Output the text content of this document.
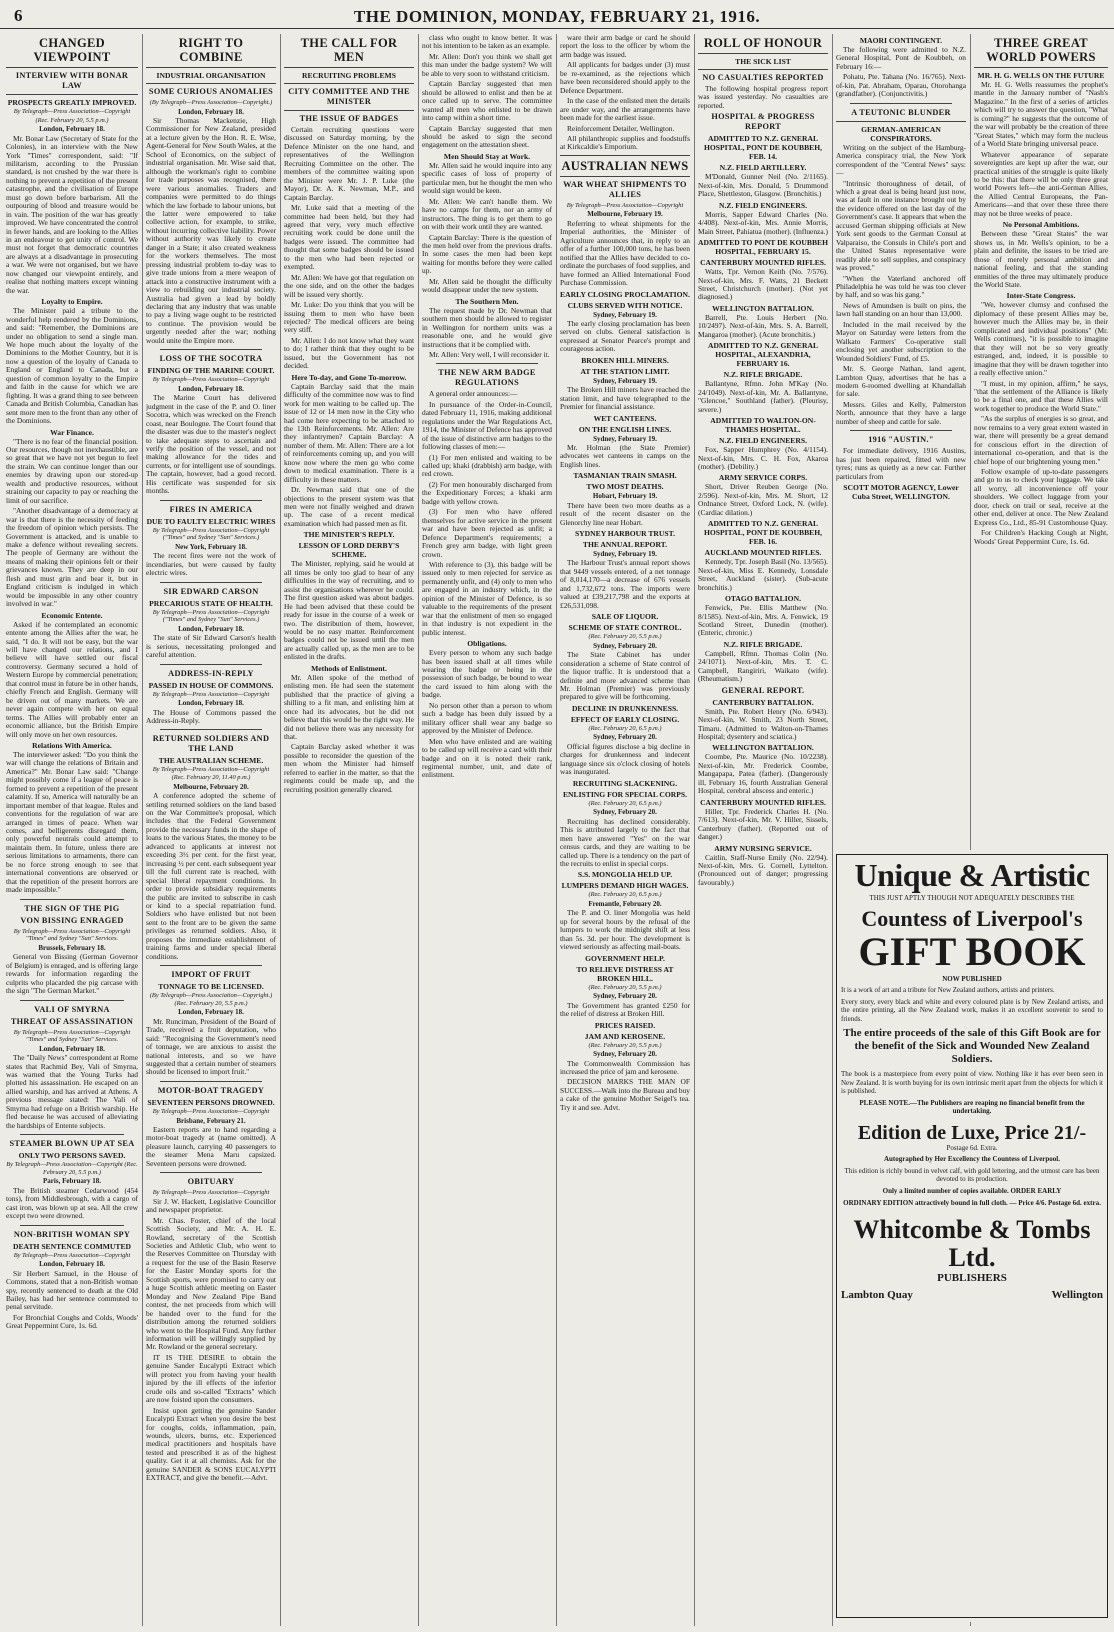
6	THE DOMINION, MONDAY, FEBRUARY 21, 1916.
CHANGED VIEWPOINT
INTERVIEW WITH BONAR LAW
PROSPECTS GREATLY IMPROVED.
By Telegraph—Press Association—Copyright
(Rec. February 20, 5.5 p.m.)
London, February 18.

Mr. Bonar Law (Secretary of State for the Colonies), in an interview with the New York "Times" correspondent, said: "If militarism, according to the Prussian standard, is not crushed by the war there is nothing to prevent a repetition of the present catastrophe, and the civilisation of Europe must go down before barbarism. All the outpouring of blood and treasure would be in vain. The position of the war has greatly improved. We have concentrated the control in fewer hands, and are looking to the Allies in an endeavour to get unity of control. We must not forget that democratic countries are always at a disadvantage in prosecuting a war. We were not organised, but we have now changed our viewpoint entirely, and realise that nothing matters except winning the war.

Loyalty to Empire.

The Minister paid a tribute to the wonderful help rendered by the Dominions, and said: "Remember, the Dominions are under no obligation to send a single man. We hope much about the loyalty of the Dominions to the Mother Country, but it is now a question of the loyalty of Canada to England or England to Canada, but a question of common loyalty to the Empire and faith in the cause for which we are fighting. It was a grand thing to see between Canada and British Columbia, Canadian has sent more men to the front than any other of the Dominions.

War Finance.

"There is no fear of the financial position. Our resources, though not inexhaustible, are so great that we have not yet begun to feel the strain. We can continue longer than our enemies by drawing upon our stored-up wealth and productive resources, without straining our capacity to pay or reaching the limit of our sacrifice.

"Another disadvantage of a democracy at war is that there is the necessity of feeding the freedom of opinion which persists. The Government is attacked, and is unable to make a defence without revealing secrets. The people of Germany are without the means of making their opinions felt or their grievances known. They are deep in our flesh and must grin and bear it, but in England criticism is indulged in which would be impossible in any other country involved in war."

Economic Entente.

Asked if he contemplated an economic entente among the Allies after the war, he said, "I do. It will not be easy, but the war will have changed our relations, and I believe will have settled our fiscal controversy. Germany secured a hold of Western Europe by commercial penetration; that control must in future be in other hands, chiefly French and English. Germany will be driven out of many markets. We are never again compete with her on equal terms. The Allies will probably enter an economic alliance, but the British Empire will only move on her own resources.

Relations With America.

The interviewer asked: "Do you think the war will change the relations of Britain and America?" Mr. Bonar Law said: "Change might possibly come if a league of peace is formed to prevent a repetition of the present calamity. If so, America will naturally be an important member of that league. Rules and conventions for the regulation of war are arranged in times of peace. When war comes, and belligerents disregard them, only powerful neutrals could attempt to maintain them. In future, unless there are serious limitations to armaments, there can be no force strong enough to see that international conventions are observed or that the repetition of the present horrors are made impossible."

THE SIGN OF THE PIG
VON BISSING ENRAGED
By Telegraph—Press Association—Copyright "Times" and Sydney "Sun" Services.
Brussels, February 18.

General von Bissing (German Governor of Belgium) is enraged, and is offering large rewards for information regarding the culprits who placarded the pig carcase with the sign "The German Market."

VALI OF SMYRNA
THREAT OF ASSASSINATION
By Telegraph—Press Association—Copyright "Times" and Sydney "Sun" Services.
London, February 18.

The "Daily News" correspondent at Rome states that Rachmid Bey, Vali of Smyrna, was warned that the Young Turks had plotted his assassination. He escaped on an allied warship, and has arrived at Athens. A previous message stated: The Vali of Smyrna had refuge on a British warship. He fled because he was accused of alleviating the hardships of Entente subjects.

STEAMER BLOWN UP AT SEA
ONLY TWO PERSONS SAVED.
By Telegraph—Press Association—Copyright (Rec. February 20, 5.5 p.m.)
Paris, February 18.

The British steamer Cedarwood (454 tons), from Middlesbrough, with a cargo of cast iron, was blown up at sea. All the crew except two were drowned.

NON-BRITISH WOMAN SPY
DEATH SENTENCE COMMUTED
By Telegraph—Press Association—Copyright
London, February 18.

Sir Herbert Samuel, in the House of Commons, stated that a non-British woman spy, recently sentenced to death at the Old Bailey, has had her sentence commuted to penal servitude.

For Bronchial Coughs and Colds, Woods' Great Peppermint Cure, 1s. 6d.

RIGHT TO COMBINE
INDUSTRIAL ORGANISATION
SOME CURIOUS ANOMALIES
(By Telegraph—Press Association—Copyright.)
London, February 18.

Sir Thomas Mackenzie, High Commissioner for New Zealand, presided at a lecture given by the Hon. R. E. Wise, Agent-General for New South Wales, at the School of Economics, on the subject of industrial organisation. Mr. Wise said that, although the workman's right to combine for trade purposes was recognised, there were various anomalies. Traders and companies were permitted to do things which the law forbade to labour unions, but the latter were empowered to take collective action, for example, to strike, without incurring collective liability. Power without authority was likely to create danger in a State; it also created weakness for the workers themselves. The most pressing industrial problem to-day was to give trade unions from a mere weapon of attack into a constructive instrument with a view to rebuilding our industrial society. Australia had given a lead by boldly declaring that any industry that was unable to pay a living wage ought to be restricted to continue. The provision would be urgently needed after the war; nothing would unite the Empire more.

LOSS OF THE SOCOTRA
FINDING OF THE MARINE COURT.
By Telegraph—Press Association—Copyright
London, February 18.

The Marine Court has delivered judgment in the case of the P. and O. liner Socotra, which was wrecked on the French coast, near Boulogne. The Court found that the disaster was due to the master's neglect to take adequate steps to ascertain and verify the position of the vessel, and not making allowance for the tides and currents, or for intelligent use of soundings. The captain, however, had a good record. His certificate was suspended for six months.

FIRES IN AMERICA
DUE TO FAULTY ELECTRIC WIRES
By Telegraph—Press Association—Copyright ("Times" and Sydney "Sun" Services.)
New York, February 18.

The recent fires were not the work of incendiaries, but were caused by faulty electric wires.

SIR EDWARD CARSON
PRECARIOUS STATE OF HEALTH.
By Telegraph—Press Association—Copyright ("Times" and Sydney "Sun" Services.)
London, February 18.

The state of Sir Edward Carson's health is serious, necessitating prolonged and careful attention.

ADDRESS-IN-REPLY
PASSED IN HOUSE OF COMMONS.
By Telegraph—Press Association—Copyright
London, February 18.

The House of Commons passed the Address-in-Reply.

RETURNED SOLDIERS AND THE LAND
THE AUSTRALIAN SCHEME.
By Telegraph—Press Association—Copyright (Rec. February 20, 11.40 p.m.)
Melbourne, February 20.

A conference adopted the scheme of settling returned soldiers on the land based on the War Committee's proposal, which includes that the Federal Government provide the necessary funds in the shape of loans to the various States, the money to be advanced to applicants at interest not exceeding 3½ per cent. for the first year, increasing ½ per cent. each subsequent year till the full current rate is reached, with special liberal repayment conditions. In order to provide subsidiary requirements the public are invited to subscribe in cash or kind to a special repatriation fund. Soldiers who have enlisted but not been sent to the front are to be given the same privileges as returned soldiers. Also, it proposes the immediate establishment of training farms and under special liberal conditions.

IMPORT OF FRUIT
TONNAGE TO BE LICENSED.
(By Telegraph—Press Association—Copyright.) (Rec. February 20, 5.5 p.m.)
London, February 18.

Mr. Runciman, President of the Board of Trade, received a fruit deputation, who said: "Recognising the Government's need of tonnage, we are anxious to assist the national interests, and so we have suggested that a certain number of steamers should be licensed to import fruit."

MOTOR-BOAT TRAGEDY
SEVENTEEN PERSONS DROWNED.
By Telegraph—Press Association—Copyright
Brisbane, February 21.

Eastern reports are to hand regarding a motor-boat tragedy at (name omitted). A pleasure launch, carrying 40 passengers to the steamer Mena Maru capsized. Seventeen persons were drowned.

OBITUARY
By Telegraph—Press Association—Copyright

Sir J. W. Hackett, Legislative Councillor and newspaper proprietor.

Mr. Chas. Foster, chief of the local Scottish Society, and Mr. A. H. E. Rowland, secretary of the Scottish Societies and Athletic Club, who went to the Reserves Committee on Thursday with a request for the use of the Basin Reserve for the Easter Monday sports for the Scottish sports, were promised to carry out a huge Scottish athletic meeting on Easter Monday and New Zealand Pipe Band contest, the net proceeds from which will be handed over to the fund for the distribution among the returned soldiers who went to the Hospital Fund. Any further information will be willingly supplied by Mr. Rowland or the general secretary.

IT IS THE DESIRE to obtain the genuine Sander Eucalypti Extract which will protect you from having your health injured by the ill effects of the inferior crude oils and so-called "Extracts" which are now foisted upon the consumers.

Insist upon getting the genuine Sander Eucalypti Extract when you desire the best for coughs, colds, inflammation, pain, wounds, ulcers, burns, etc. Experienced medical practitioners and hospitals have tested and prescribed it as of the highest quality. Get it at all chemists. Ask for the genuine SANDER & SONS EUCALYPTI EXTRACT, and give the benefit.—Advt.

THE CALL FOR MEN
RECRUITING PROBLEMS
CITY COMMITTEE AND THE MINISTER
THE ISSUE OF BADGES

Certain recruiting questions were discussed on Saturday morning, by the Defence Minister on the one hand, and representatives of the Wellington Recruiting Committee on the other. The members of the committee waiting upon the Minister were Mr. J. P. Luke (the Mayor), Dr. A. K. Newman, M.P., and Captain Barclay.

Mr. Luke said that a meeting of the committee had been held, but they had agreed that very, very much effective recruiting work could be done until the badges were issued. The committee had thought that some badges should be issued to the men who had been rejected or exempted.

Mr. Allen: We have got that regulation on the one side, and on the other the badges will be issued very shortly.

Mr. Luke: Do you think that you will be issuing them to men who have been rejected? The medical officers are being very stiff.

Mr. Allen: I do not know what they want to do; I rather think that they ought to be issued, but the Government has not decided.

Here To-day, and Gone To-morrow.

Captain Barclay said that the main difficulty of the committee now was to find work for men waiting to be called up. The issue of 12 or 14 men now in the City who had come here expecting to be attached to the 13th Reinforcements. Mr. Allen: Are they infantrymen? Captain Barclay: A number of them. Mr. Allen: There are a lot of reinforcements coming up, and you will know now where the men go who come down to medical examination. There is a difficulty in these matters.

Dr. Newman said that one of the objections to the present system was that men were not finally weighed and drawn up. The case of a recent medical examination which had passed men as fit.

THE MINISTER'S REPLY.
LESSON OF LORD DERBY'S SCHEME.

The Minister, replying, said he would at all times be only too glad to hear of any difficulties in the way of recruiting, and to assist the organisations wherever he could. The first question asked was about badges. He had been advised that these could be ready for issue in the course of a week or two. The distribution of them, however, would be no easy matter. Reinforcement badges could not be issued until the men are actually called up, as the men are to be enlisted in the drafts.

Methods of Enlistment.

Mr. Allen spoke of the method of enlisting men. He had seen the statement published that the practice of giving a shilling to a fit man, and enlisting him at once had its advocates, but he did not believe that this would be the right way. He did not believe there was any necessity for that.

Captain Barclay asked whether it was possible to reconsider the question of the men whom the Minister had himself referred to earlier in the matter, so that the regiments could be made up, and the recruiting position generally cleared.

class who ought to know better. It was not his intention to be taken as an example.

Mr. Allen: Don't you think we shall get this man under the badge system? We will be able to very soon to withstand criticism.

Captain Barclay suggested that men should be allowed to enlist and then be at once called up to serve. The committee wanted all men who enlisted to be drawn into camp within a short time.

Captain Barclay suggested that men should be asked to sign the second engagement on the attestation sheet.

Men Should Stay at Work.

Mr. Allen said he would inquire into any specific cases of loss of property of particular men, but he thought the men who would sign would be keen.

Mr. Allen: We can't handle them. We have no camps for them, nor an army of instructors. The thing is to get them to go on with their work until they are wanted.

Captain Barclay: There is the question of the men held over from the previous drafts. In some cases the men had been kept waiting for months before they were called up.

Mr. Allen said he thought the difficulty would disappear under the new system.

The Southern Men.

The request made by Dr. Newman that southern men should be allowed to register in Wellington for northern units was a reasonable one, and he would give instructions that it be complied with.

Mr. Allen: Very well, I will reconsider it.

THE NEW ARM BADGE REGULATIONS

A general order announces:—

In pursuance of the Order-in-Council, dated February 11, 1916, making additional regulations under the War Regulations Act, 1914, the Minister of Defence has approved of the issue of distinctive arm badges to the following classes of men:—

(1) For men enlisted and waiting to be called up; khaki (drabbish) arm badge, with red crown.

(2) For men honourably discharged from the Expeditionary Forces; a khaki arm badge with yellow crown.

(3) For men who have offered themselves for active service in the present war and have been rejected as unfit; a Defence Department's requirements; a French grey arm badge, with light green crown.

With reference to (3), this badge will be issued only to men rejected for service as permanently unfit, and (4) only to men who are engaged in an industry which, in the opinion of the Minister of Defence, is so valuable to the requirements of the present war that the enlistment of men so engaged in that industry is not expedient in the public interest.

Obligations.

Every person to whom any such badge has been issued shall at all times while wearing the badge or being in the possession of such badge, be bound to wear the card issued to him along with the badge.

No person other than a person to whom such a badge has been duly issued by a military officer shall wear any badge so approved by the Minister of Defence.

Men who have enlisted and are waiting to be called up will receive a card with their badge and on it is noted their rank, regimental number, unit, and date of enlistment.

ware their arm badge or card he should report the loss to the officer by whom the arm badge was issued.

All applicants for badges under (3) must be re-examined, as the rejections which have been reconsidered should apply to the Defence Department.

In the case of the enlisted men the details are under way, and the arrangements have been made for the earliest issue.

Reinforcement Detailer, Wellington.

All philanthropic supplies and foodstuffs at Kirkcaldie's Emporium.

AUSTRALIAN NEWS
WAR WHEAT SHIPMENTS TO ALLIES
By Telegraph—Press Association—Copyright
Melbourne, February 19.

Referring to wheat shipments for the Imperial authorities, the Minister of Agriculture announces that, in reply to an offer of a further 100,000 tons, he has been notified that the Allies have decided to co-ordinate the purchases of food supplies, and have formed an Allied International Food Purchase Commission.

EARLY CLOSING PROCLAMATION.
CLUBS SERVED WITH NOTICE.
Sydney, February 19.

The early closing proclamation has been served on clubs. General satisfaction is expressed at Senator Pearce's prompt and courageous action.

BROKEN HILL MINERS.
AT THE STATION LIMIT.
Sydney, February 19.

The Broken Hill miners have reached the station limit, and have telegraphed to the Premier for financial assistance.

WET CANTEENS.
ON THE ENGLISH LINES.
Sydney, February 19.

Mr. Holman (the State Premier) advocates wet canteens in camps on the English lines.

TASMANIAN TRAIN SMASH.
TWO MOST DEATHS.
Hobart, February 19.

There have been two more deaths as a result of the recent disaster on the Glenorchy line near Hobart.

SYDNEY HARBOUR TRUST.
THE ANNUAL REPORT.
Sydney, February 19.

The Harbour Trust's annual report shows that 9449 vessels entered, of a net tonnage of 8,014,170—a decrease of 676 vessels and 1,732,672 tons. The imports were valued at £39,217,798 and the exports at £26,531,098.

SALE OF LIQUOR.
SCHEME OF STATE CONTROL.
(Rec. February 20, 5.5 p.m.)
Sydney, February 20.

The State Cabinet has under consideration a scheme of State control of the liquor traffic. It is understood that a definite and more advanced scheme than Mr. Holman (Premier) was previously prepared to give will be forthcoming.

DECLINE IN DRUNKENNESS.
EFFECT OF EARLY CLOSING.
(Rec. February 20, 6.5 p.m.)
Sydney, February 20.

Official figures disclose a big decline in charges for drunkenness and indecent language since six o'clock closing of hotels was inaugurated.

RECRUITING SLACKENING.
ENLISTING FOR SPECIAL CORPS.
(Rec. February 20, 6.5 p.m.)
Sydney, February 20.

Recruiting has declined considerably. This is attributed largely to the fact that men have answered "Yes" on the war census cards, and they are waiting to be called up. There is a tendency on the part of the recruits to enlist in special corps.

S.S. MONGOLIA HELD UP.
LUMPERS DEMAND HIGH WAGES.
(Rec. February 20, 6.5 p.m.)
Fremantle, February 20.

The P. and O. liner Mongolia was held up for several hours by the refusal of the lumpers to work the midnight shift at less than 5s. 3d. per hour. The development is viewed seriously as affecting mail-boats.

GOVERNMENT HELP.
TO RELIEVE DISTRESS AT BROKEN HILL.
(Rec. February 20, 5.5 p.m.)
Sydney, February 20.

The Government has granted £250 for the relief of distress at Broken Hill.

PRICES RAISED.
JAM AND KEROSENE.
(Rec. February 20, 5.5 p.m.)
Sydney, February 20.

The Commonwealth Commission has increased the price of jam and kerosene.

DECISION MARKS THE MAN OF SUCCESS.—Walk into the Bureau and buy a cake of the genuine Mother Seigel's tea. Try it and see. Advt.

ROLL OF HONOUR
THE SICK LIST
NO CASUALTIES REPORTED

The following hospital progress report was issued yesterday. No casualties are reported.

HOSPITAL & PROGRESS REPORT
ADMITTED TO N.Z. GENERAL HOSPITAL, PONT DE KOUBBEH, FEB. 14.
N.Z. FIELD ARTILLERY.

M'Donald, Gunner Neil (No. 2/1165). Next-of-kin, Mrs. Donald, 5 Drummond Place, Shettleston, Glasgow. (Bronchitis.)

N.Z. FIELD ENGINEERS.

Morris, Sapper Edward Charles (No. 4/408). Next-of-kin, Mrs. Annie Morris, Main Street, Pahiatua (mother). (Influenza.)

ADMITTED TO PONT DE KOUBBEH HOSPITAL, FEBRUARY 15.
CANTERBURY MOUNTED RIFLES.

Watts, Tpr. Vernon Keith (No. 7/576). Next-of-kin, Mrs. F. Watts, 21 Beckett Street, Christchurch (mother). (Not yet diagnosed.)

WELLINGTON BATTALION.

Barrell, Pte. Louis Herbert (No. 10/2497). Next-of-kin, Mrs. S. A. Barrell, Mangaroa (mother). (Acute bronchitis.)

ADMITTED TO N.Z. GENERAL HOSPITAL, ALEXANDRIA, FEBRUARY 16.
N.Z. RIFLE BRIGADE.

Ballantyne, Rfmn. John M'Kay (No. 24/1049). Next-of-kin, Mr. A. Ballantyne, "Glencoe," Southland (father). (Pleurisy, severe.)

ADMITTED TO WALTON-ON-THAMES HOSPITAL.
N.Z. FIELD ENGINEERS.

Fox, Sapper Humphrey (No. 4/1154). Next-of-kin, Mrs. C. H. Fox, Akaroa (mother). (Debility.)

ARMY SERVICE CORPS.

Short, Driver Reuben George (No. 2/596). Next-of-kin, Mrs. M. Short, 12 Ordnance Street, Oxford Lock, N. (wife). (Cardiac dilation.)

ADMITTED TO N.Z. GENERAL HOSPITAL, PONT DE KOUBBEH, FEB. 16.
AUCKLAND MOUNTED RIFLES.

Kennedy, Tpr. Joseph Basil (No. 13/565). Next-of-kin, Miss E. Kennedy, Lonsdale Street, Auckland (sister). (Sub-acute bronchitis.)

OTAGO BATTALION.

Fenwick, Pte. Ellis Matthew (No. 8/1585). Next-of-kin, Mrs. A. Fenwick, 19 Scotland Street, Dunedin (mother). (Enteric, chronic.)

N.Z. RIFLE BRIGADE.

Campbell, Rfmn. Thomas Colin (No. 24/1071). Next-of-kin, Mrs. T. C. Campbell, Rangiriri, Waikato (wife). (Rheumatism.)

GENERAL REPORT.
CANTERBURY BATTALION.

Smith, Pte. Robert Henry (No. 6/943). Next-of-kin, W. Smith, 23 North Street, Timaru. (Admitted to Walton-on-Thames Hospital; dysentery and sciatica.)

WELLINGTON BATTALION.

Coombe, Pte. Maurice (No. 10/2238). Next-of-kin, Mr. Frederick Coombe, Mangapapa, Patea (father). (Dangerously ill, February 16, fourth Australian General Hospital, cerebral abscess and enteric.)

CANTERBURY MOUNTED RIFLES.

Hiller, Tpr. Frederick Charles H. (No. 7/613). Next-of-kin, Mr. V. Hiller, Sissels, Canterbury (father). (Reported out of danger.)

ARMY NURSING SERVICE.

Caitlin, Staff-Nurse Emily (No. 22/94). Next-of-kin, Mrs. G. Cornell, Lyttelton. (Pronounced out of danger; progressing favourably.)

MAORI CONTINGENT.

The following were admitted to N.Z. General Hospital, Pont de Koubbeh, on February 16:—

Pohatu, Pte. Tahana (No. 16/765). Next-of-kin, Pat. Abraham, Oparau, Otorohanga (grandfather). (Conjunctivitis.)

A TEUTONIC BLUNDER
GERMAN-AMERICAN CONSPIRATORS.

Writing on the subject of the Hamburg-America conspiracy trial, the New York correspondent of the "Central News" says:—

"Intrinsic thoroughness of detail, of which a great deal is being heard just now, was at fault in one instance brought out by the evidence offered on the last day of the Government's case. It appears that when the accused German shipping officials at New York sent goods to the German Consul at Valparaiso, the Consuls in Chile's port and the United States representative were readily able to sell supplies, and conspiracy was proved."

"When the Vaterland anchored off Philadelphia he was told he was too clever by half, and so was his gang."

News of Amundsen is built on pins, the lawn hall standing on an hour than 13,000.

Included in the mail received by the Mayor on Saturday were letters from the Walkato Farmers' Co-operative stall enclosing yet another subscription to the Wounded Soldiers' Fund, of £5.

Mr. S. George Nathan, land agent, Lambton Quay, advertises that he has a modern 6-roomed dwelling at Khandallah for sale.

Messrs. Giles and Kelly, Palmerston North, announce that they have a large number of sheep and cattle for sale.

1916 "AUSTIN."

For immediate delivery, 1916 Austins, has just been repaired, fitted with new tyres; runs as quietly as a new car. Further particulars from

SCOTT MOTOR AGENCY, Lower Cuba Street, WELLINGTON.
THREE GREAT WORLD POWERS
MR. H. G. WELLS ON THE FUTURE

Mr. H. G. Wells reassumes the prophet's mantle in the January number of "Nash's Magazine." In the first of a series of articles which will try to answer the question, "What is coming?" he suggests that the outcome of the war will probably be the creation of three "Great States," which may form the nucleus of a World State bringing universal peace.

Whatever appearance of separate sovereignties are kept up after the war, our practical unities of the struggle is quite likely to be this: that there will be only three great world Powers left—the anti-German Allies, the Allied Central Europeans, the Pan-Americans—and that over these three there may not be three weeks of peace.

No Personal Ambitions.

Between these "Great States" the war shows us, in Mr. Wells's opinion, to be a plain and definite, the issues to be tried are those of merely personal ambition and national feeling, and that the standing enmities of the three may ultimately produce the World State.

Inter-State Congress.

"We, however clumsy and confused the diplomacy of these present Allies may be, however much the Allies may be, in their complicated and individual positions" (Mr. Wells continues), "it is possible to imagine that they will not be so very greatly estranged, and, indeed, it is possible to imagine that they will be drawn together into a really effective union."

"I must, in my opinion, affirm," he says, "that the settlement of the Alliance is likely to be a final one, and that these Allies will work together to produce the World State."

"As the surplus of energies is so great, and now remains to a very great extent wasted in war, there will presently be a great demand for conscious effort in the direction of international co-operation, and that is the chief hope of our brightening young men."

Follow example of up-to-date passengers and go to us to check your luggage. We take all worry, all inconvenience off your shoulders. We collect luggage from your door, check on trail or seal, receive at the other end, deliver at once. The New Zealand Express Co., Ltd., 85-91 Customhouse Quay.

For Children's Hacking Cough at Night, Woods' Great Peppermint Cure, 1s. 6d.

Unique & Artistic
THIS JUST APTLY THOUGH NOT ADEQUATELY DESCRIBES THE
Countess of Liverpool's
GIFT BOOK
NOW PUBLISHED
It is a work of art and a tribute for New Zealand authors, artists and printers.
Every story, every black and white and every coloured plate is by New Zealand artists, and the entire printing, all the New Zealand work, makes it an excellent souvenir to send to friends.
The entire proceeds of the sale of this Gift Book are for the benefit of the Sick and Wounded New Zealand Soldiers.
The book is a masterpiece from every point of view. Nothing like it has ever been seen in New Zealand. It is worth buying for its own intrinsic merit apart from the objects for which it is published.
PLEASE NOTE.—The Publishers are reaping no financial benefit from the undertaking.
Edition de Luxe, Price 21/-
Postage 6d. Extra.
Autographed by Her Excellency the Countess of Liverpool.
This edition is richly bound in velvet calf, with gold lettering, and the utmost care has been devoted to its production.
Only a limited number of copies available. ORDER EARLY
ORDINARY EDITION attractively bound in full cloth. — Price 4/6. Postage 6d. extra.
Whitcombe & Tombs Ltd.
PUBLISHERS
Lambton Quay	Wellington
